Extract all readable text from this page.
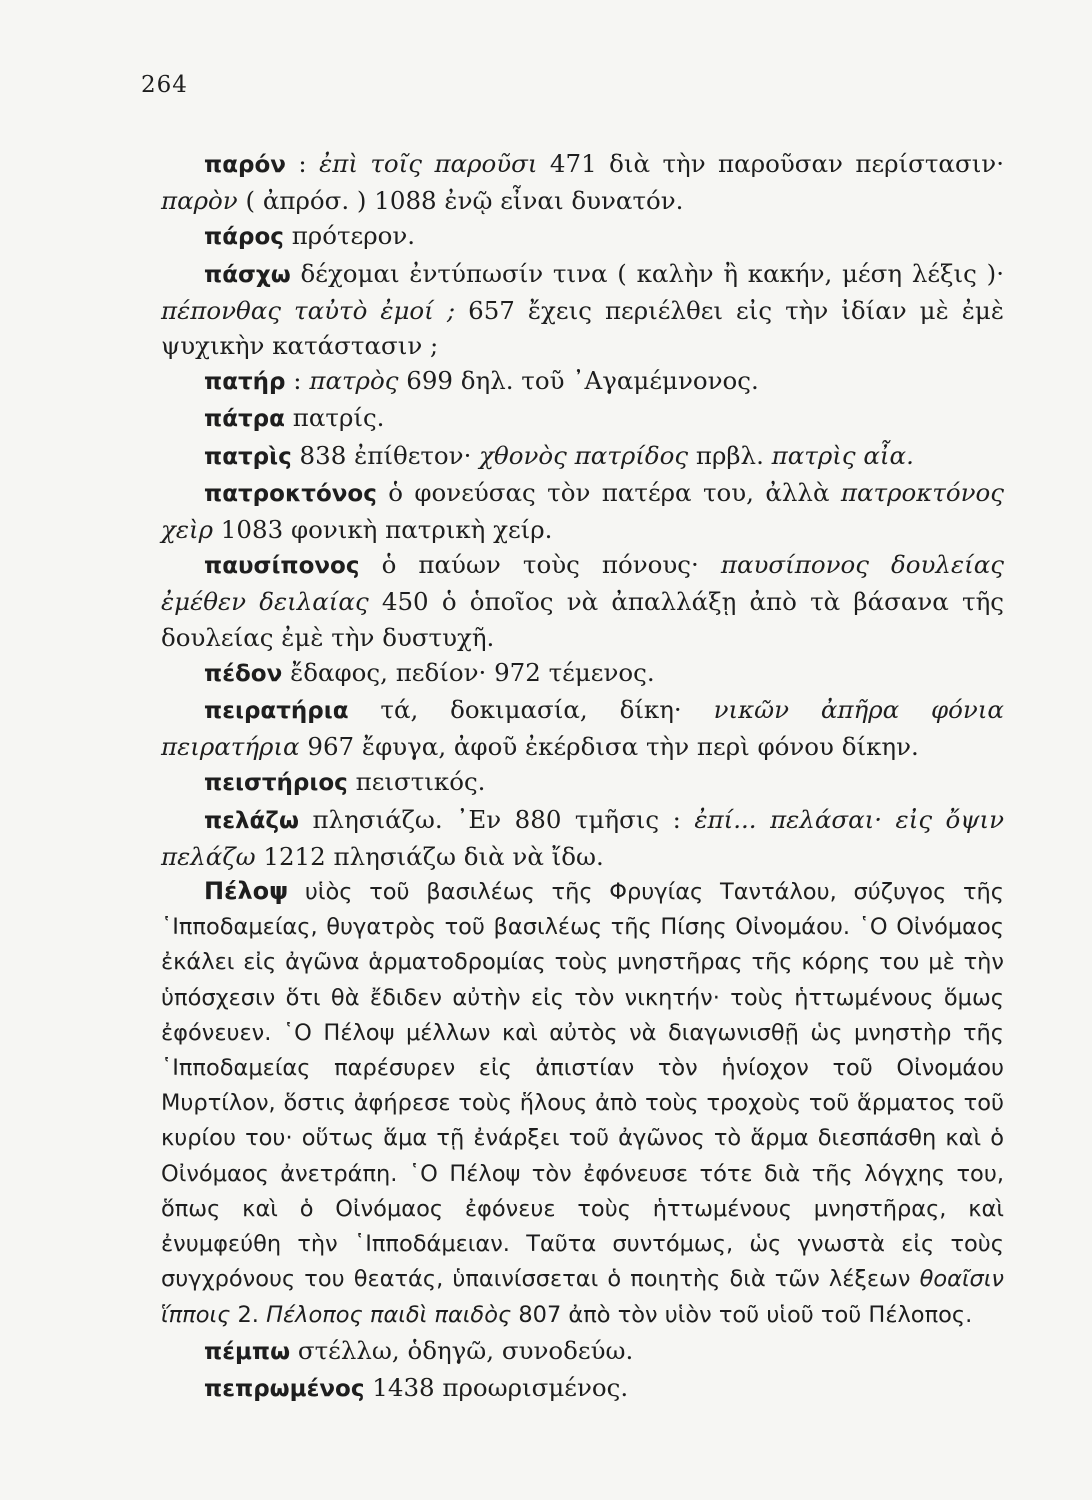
264

παρόν : ἐπὶ τοῖς παροῦσι 471 διὰ τὴν παροῦσαν περίστασιν· παρὸν ( ἀπρόσ. ) 1088 ἐνῷ εἶναι δυνατόν.

πάρος πρότερον.

πάσχω δέχομαι ἐντύπωσίν τινα ( καλὴν ἢ κακήν, μέση λέξις )· πέπονθας ταὐτὸ ἐμοί ; 657 ἔχεις περιέλθει εἰς τὴν ἰδίαν μὲ ἐμὲ ψυχικὴν κατάστασιν ;

πατήρ : πατρὸς 699 δηλ. τοῦ ᾿Αγαμέμνονος.

πάτρα πατρίς.

πατρὶς 838 ἐπίθετον· χθονὸς πατρίδος πρβλ. πατρὶς αἶα.

πατροκτόνος ὁ φονεύσας τὸν πατέρα του, ἀλλὰ πατροκτόνος χεὶρ 1083 φονικὴ πατρικὴ χείρ.

παυσίπονος ὁ παύων τοὺς πόνους· παυσίπονος δουλείας ἐμέθεν δειλαίας 450 ὁ ὁποῖος νὰ ἀπαλλάξῃ ἀπὸ τὰ βάσανα τῆς δουλείας ἐμὲ τὴν δυστυχῆ.

πέδον ἔδαφος, πεδίον· 972 τέμενος.

πειρατήρια τά, δοκιμασία, δίκη· νικῶν ἀπῆρα φόνια πειρατήρια 967 ἔφυγα, ἀφοῦ ἐκέρδισα τὴν περὶ φόνου δίκην.

πειστήριος πειστικός.

πελάζω πλησιάζω. ᾿Εν 880 τμῆσις : ἐπί... πελάσαι· εἰς ὄψιν πελάζω 1212 πλησιάζω διὰ νὰ ἴδω.

Πέλοψ υἱὸς τοῦ βασιλέως τῆς Φρυγίας Ταντάλου, σύζυγος τῆς ῾Ιπποδαμείας, θυγατρὸς τοῦ βασιλέως τῆς Πίσης Οἰνομάου. ῾Ο Οἰνόμαος ἐκάλει εἰς ἀγῶνα ἁρματοδρομίας τοὺς μνηστῆρας τῆς κόρης του μὲ τὴν ὑπόσχεσιν ὅτι θὰ ἔδιδεν αὐτὴν εἰς τὸν νικητήν· τοὺς ἡττωμένους ὅμως ἐφόνευεν. ῾Ο Πέλοψ μέλλων καὶ αὐτὸς νὰ διαγωνισθῇ ὡς μνηστὴρ τῆς ῾Ιπποδαμείας παρέσυρεν εἰς ἀπιστίαν τὸν ἡνίοχον τοῦ Οἰνομάου Μυρτίλον, ὅστις ἀφήρεσε τοὺς ἥλους ἀπὸ τοὺς τροχοὺς τοῦ ἅρματος τοῦ κυρίου του· οὕτως ἅμα τῇ ἐνάρξει τοῦ ἀγῶνος τὸ ἅρμα διεσπάσθη καὶ ὁ Οἰνόμαος ἀνετράπη. ῾Ο Πέλοψ τὸν ἐφόνευσε τότε διὰ τῆς λόγχης του, ὅπως καὶ ὁ Οἰνόμαος ἐφόνευε τοὺς ἡττωμένους μνηστῆρας, καὶ ἐνυμφεύθη τὴν ῾Ιπποδάμειαν. Ταῦτα συντόμως, ὡς γνωστὰ εἰς τοὺς συγχρόνους του θεατάς, ὑπαινίσσεται ὁ ποιητὴς διὰ τῶν λέξεων θοαῖσιν ἵπποις 2. Πέλοπος παιδὶ παιδὸς 807 ἀπὸ τὸν υἱὸν τοῦ υἱοῦ τοῦ Πέλοπος.

πέμπω στέλλω, ὁδηγῶ, συνοδεύω.

πεπρωμένος 1438 προωρισμένος.
